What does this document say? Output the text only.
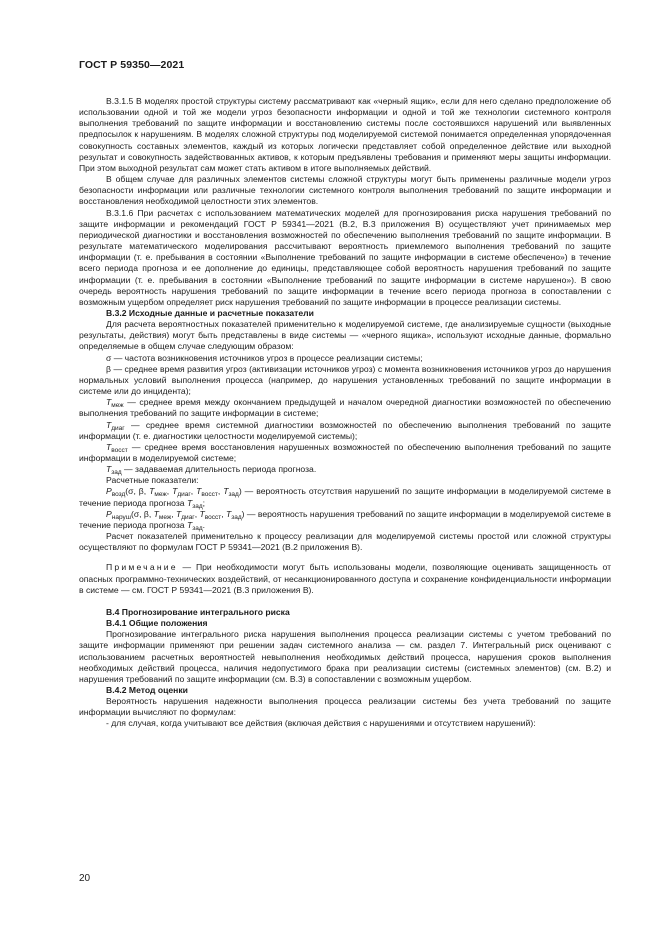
ГОСТ Р 59350—2021

В.3.1.5 В моделях простой структуры систему рассматривают как «черный ящик», если для него сделано предположение об использовании одной и той же модели угроз безопасности информации и одной и той же технологии системного контроля выполнения требований по защите информации и восстановлению системы после состоявшихся нарушений или выявленных предпосылок к нарушениям. В моделях сложной структуры под моделируемой системой понимается определенная упорядоченная совокупность составных элементов, каждый из которых логически представляет собой определенное действие или выходной результат и совокупность задействованных активов, к которым предъявлены требования и применяют меры защиты информации. При этом выходной результат сам может стать активом в итоге выполняемых действий.

В общем случае для различных элементов системы сложной структуры могут быть применены различные модели угроз безопасности информации или различные технологии системного контроля выполнения требований по защите информации и восстановления необходимой целостности этих элементов.

В.3.1.6 При расчетах с использованием математических моделей для прогнозирования риска нарушения требований по защите информации и рекомендаций ГОСТ Р 59341—2021 (В.2, В.3 приложения В) осуществляют учет принимаемых мер периодической диагностики и восстановления возможностей по обеспечению выполнения требований по защите информации. В результате математического моделирования рассчитывают вероятность приемлемого выполнения требований по защите информации (т. е. пребывания в состоянии «Выполнение требований по защите информации в системе обеспечено») в течение всего периода прогноза и ее дополнение до единицы, представляющее собой вероятность нарушения требований по защите информации (т. е. пребывания в состоянии «Выполнение требований по защите информации в системе нарушено»). В свою очередь вероятность нарушения требований по защите информации в течение всего периода прогноза в сопоставлении с возможным ущербом определяет риск нарушения требований по защите информации в процессе реализации системы.

В.3.2 Исходные данные и расчетные показатели

Для расчета вероятностных показателей применительно к моделируемой системе, где анализируемые сущности (выходные результаты, действия) могут быть представлены в виде системы — «черного ящика», используют исходные данные, формально определяемые в общем случае следующим образом:

σ — частота возникновения источников угроз в процессе реализации системы;

β — среднее время развития угроз (активизации источников угроз) с момента возникновения источников угроз до нарушения нормальных условий выполнения процесса (например, до нарушения установленных требований по защите информации в системе или до инцидента);

$T_{меж}$ — среднее время между окончанием предыдущей и началом очередной диагностики возможностей по обеспечению выполнения требований по защите информации в системе;

$T_{диаг}$ — среднее время системной диагностики возможностей по обеспечению выполнения требований по защите информации (т. е. диагностики целостности моделируемой системы);

$T_{восст}$ — среднее время восстановления нарушенных возможностей по обеспечению выполнения требований по защите информации в моделируемой системе;

$T_{зад}$ — задаваемая длительность периода прогноза.

Расчетные показатели:

$P_{возд}(\sigma$, β, $T_{меж}$, $T_{диаг}$, $T_{восст}$, $T_{зад}$) — вероятность отсутствия нарушений по защите информации в моделируемой системе в течение периода прогноза $T_{зад}$;

$P_{наруш}(\sigma$, β, $T_{меж}$, $T_{диаг}$, $T_{восст}$, $T_{зад}$) — вероятность нарушения требований по защите информации в моделируемой системе в течение периода прогноза $T_{зад}$.

Расчет показателей применительно к процессу реализации для моделируемой системы простой или сложной структуры осуществляют по формулам ГОСТ Р 59341—2021 (В.2 приложения В).

Примечание — При необходимости могут быть использованы модели, позволяющие оценивать защищенность от опасных программно-технических воздействий, от несанкционированного доступа и сохранение конфиденциальности информации в системе — см. ГОСТ Р 59341—2021 (В.3 приложения В).

В.4 Прогнозирование интегрального риска

В.4.1 Общие положения

Прогнозирование интегрального риска нарушения выполнения процесса реализации системы с учетом требований по защите информации применяют при решении задач системного анализа — см. раздел 7. Интегральный риск оценивают с использованием расчетных вероятностей невыполнения необходимых действий процесса, нарушения сроков выполнения необходимых действий процесса, наличия недопустимого брака при реализации системы (системных элементов) (см. В.2) и нарушения требований по защите информации (см. В.3) в сопоставлении с возможным ущербом.

В.4.2 Метод оценки

Вероятность нарушения надежности выполнения процесса реализации системы без учета требований по защите информации вычисляют по формулам:

- для случая, когда учитывают все действия (включая действия с нарушениями и отсутствием нарушений):

20
